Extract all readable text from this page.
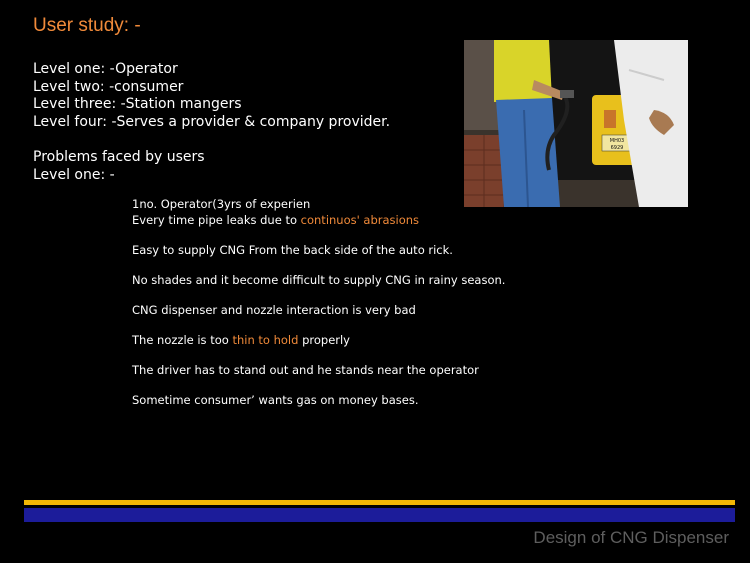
User study: -
Level one: -Operator
Level two: -consumer
Level three: -Station mangers
Level four: -Serves a provider & company provider.
Problems faced by users
Level one: -
1no. Operator(3yrs of experien
Every time pipe leaks due to continuos' abrasions
Easy to supply CNG From the back side of the auto rick.
No shades and it become difficult to supply CNG in rainy season.
CNG dispenser and nozzle interaction is very bad
The nozzle is too thin to hold properly
The driver has to stand out and he stands near the operator
Sometime consumer’ wants gas on money bases.
MH03
6929
Design of CNG Dispenser
